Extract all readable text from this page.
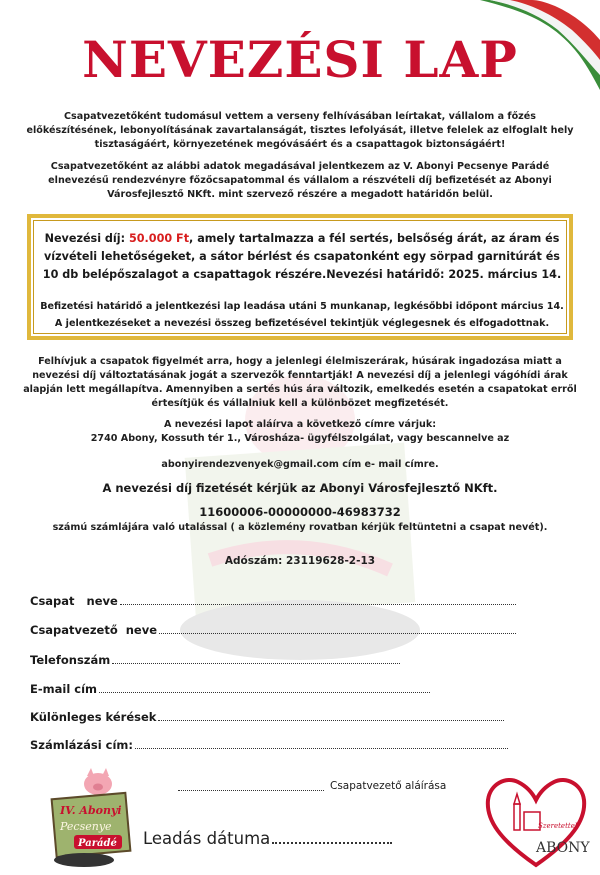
NEVEZÉSI LAP

Csapatvezetőként tudomásul vettem a verseny felhívásában leírtakat, vállalom a főzés előkészítésének, lebonyolításának zavartalanságát, tisztes lefolyását, illetve felelek az elfoglalt hely tisztaságáért, környezetének megóvásáért és a csapattagok biztonságáért!

Csapatvezetőként az alábbi adatok megadásával jelentkezem az V. Abonyi Pecsenye Parádé elnevezésű rendezvényre főzőcsapatommal és vállalom a részvételi díj befizetését az Abonyi Városfejlesztő NKft. mint szervező részére a megadott határidőn belül.

Nevezési díj: 50.000 Ft, amely tartalmazza a fél sertés, belsőség árát, az áram és vízvételi lehetőségeket, a sátor bérlést és csapatonként egy sörpad garnitúrát és 10 db belépőszalagot a csapattagok részére.Nevezési határidő: 2025. március 14.

Befizetési határidő a jelentkezési lap leadása utáni 5 munkanap, legkésőbbi időpont március 14.
A jelentkezéseket a nevezési összeg befizetésével tekintjük véglegesnek és elfogadottnak.

Felhívjuk a csapatok figyelmét arra, hogy a jelenlegi élelmiszerárak, húsárak ingadozása miatt a nevezési díj változtatásának jogát a szervezők fenntartják! A nevezési díj a jelenlegi vágóhídi árak alapján lett megállapítva. Amennyiben a sertés hús ára változik, emelkedés esetén a csapatokat erről értesítjük és vállalniuk kell a különbözet megfizetését.

A nevezési lapot aláírva a következő címre várjuk:
2740 Abony, Kossuth tér 1., Városháza- ügyfélszolgálat, vagy bescannelve az

abonyirendezvenyek@gmail.com cím e- mail címre.

A nevezési díj fizetését kérjük az Abonyi Városfejlesztő NKft.

11600006-00000000-46983732

számú számlájára való utalással ( a közlemény rovatban kérjük feltüntetni a csapat nevét).

Adószám: 23119628-2-13

Csapat   neve
Csapatvezető  neve
Telefonszám
E-mail cím
Különleges kérések
Számlázási cím:
Csapatvezető aláírása
Leadás dátuma
IV. Abonyi
Pecsenye
Parádé
Szeretettel
ABONY
